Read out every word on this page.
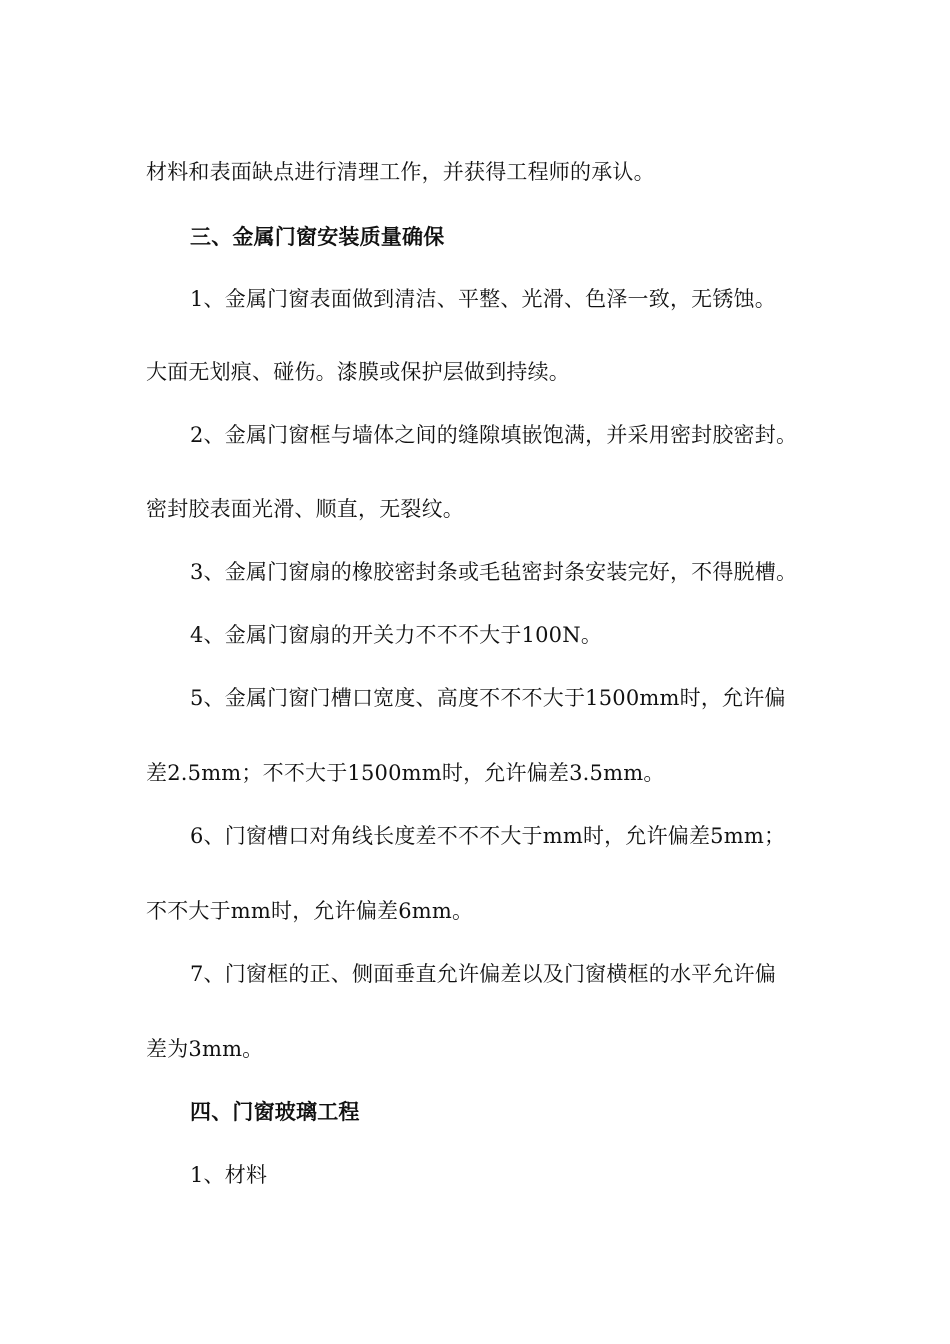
材料和表面缺点进行清理工作，并获得工程师的承认。
三、金属门窗安装质量确保
1、金属门窗表面做到清洁、平整、光滑、色泽一致，无锈蚀。
大面无划痕、碰伤。漆膜或保护层做到持续。
2、金属门窗框与墙体之间的缝隙填嵌饱满，并采用密封胶密封。
密封胶表面光滑、顺直，无裂纹。
3、金属门窗扇的橡胶密封条或毛毡密封条安装完好，不得脱槽。
4、金属门窗扇的开关力不不不大于100N。
5、金属门窗门槽口宽度、高度不不不大于1500mm时，允许偏
差2.5mm；不不大于1500mm时，允许偏差3.5mm。
6、门窗槽口对角线长度差不不不大于mm时，允许偏差5mm；
不不大于mm时，允许偏差6mm。
7、门窗框的正、侧面垂直允许偏差以及门窗横框的水平允许偏
差为3mm。
四、门窗玻璃工程
1、材料
